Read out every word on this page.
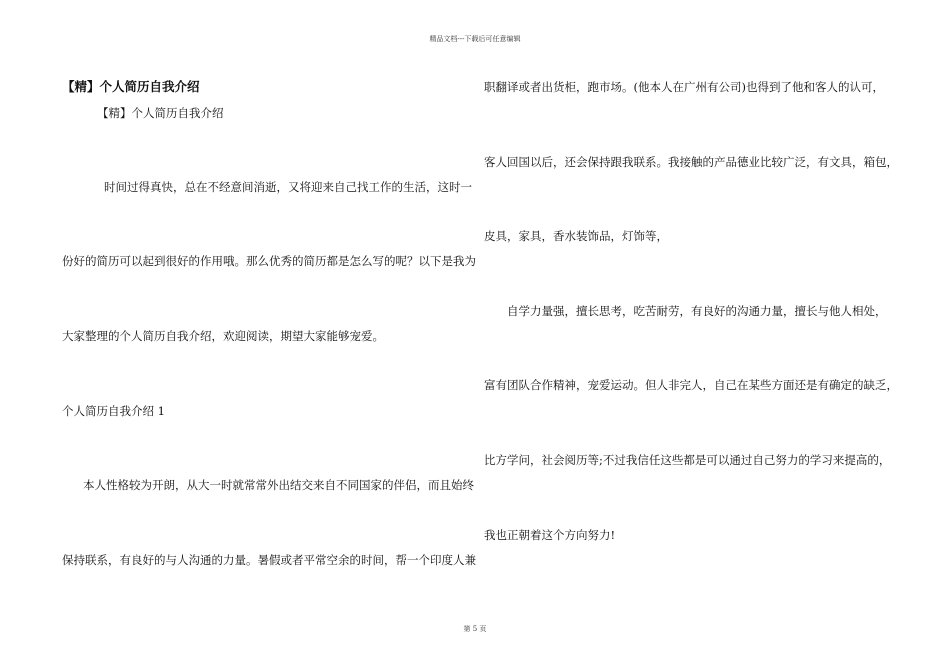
精品文档---下载后可任意编辑
【精】个人简历自我介绍
【精】个人简历自我介绍
时间过得真快，总在不经意间消逝，又将迎来自己找工作的生活，这时一
份好的简历可以起到很好的作用哦。那么优秀的简历都是怎么写的呢？以下是我为
大家整理的个人简历自我介绍，欢迎阅读，期望大家能够宠爱。
个人简历自我介绍 1
本人性格较为开朗，从大一时就常常外出结交来自不同国家的伴侣，而且始终
保持联系，有良好的与人沟通的力量。暑假或者平常空余的时间，帮一个印度人兼
职翻译或者出货柜，跑市场。(他本人在广州有公司)也得到了他和客人的认可，
客人回国以后，还会保持跟我联系。我接触的产品德业比较广泛，有文具，箱包，
皮具，家具，香水装饰品，灯饰等，
自学力量强，擅长思考，吃苦耐劳，有良好的沟通力量，擅长与他人相处，
富有团队合作精神，宠爱运动。但人非完人，自己在某些方面还是有确定的缺乏，
比方学问，社会阅历等;不过我信任这些都是可以通过自己努力的学习来提高的，
我也正朝着这个方向努力!
第 5 页
